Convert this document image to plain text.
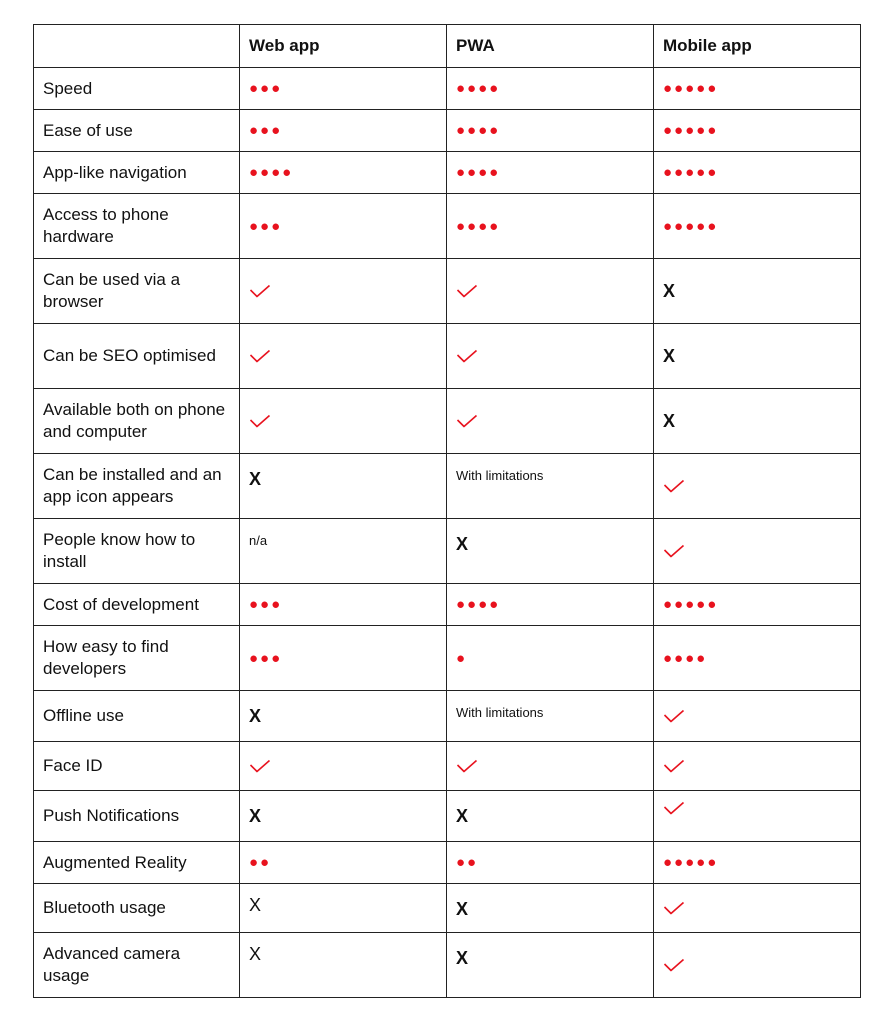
	Web app	PWA	Mobile app
Speed	●●●	●●●●	●●●●●
Ease of use	●●●	●●●●	●●●●●
App-like navigation	●●●●	●●●●	●●●●●
Access to phone hardware	●●●	●●●●	●●●●●
Can be used via a browser			X
Can be SEO optimised			X
Available both on phone and computer			X
Can be installed and an app icon appears	X	With limitations	

People know how to install	n/a	X	

Cost of development	●●●	●●●●	●●●●●
How easy to find developers	●●●	●	●●●●
Offline use	X	With limitations	

Face ID	

Push Notifications	X	X	

Augmented Reality	●●	●●	●●●●●
Bluetooth usage	X	X	

Advanced camera usage	X	X	
